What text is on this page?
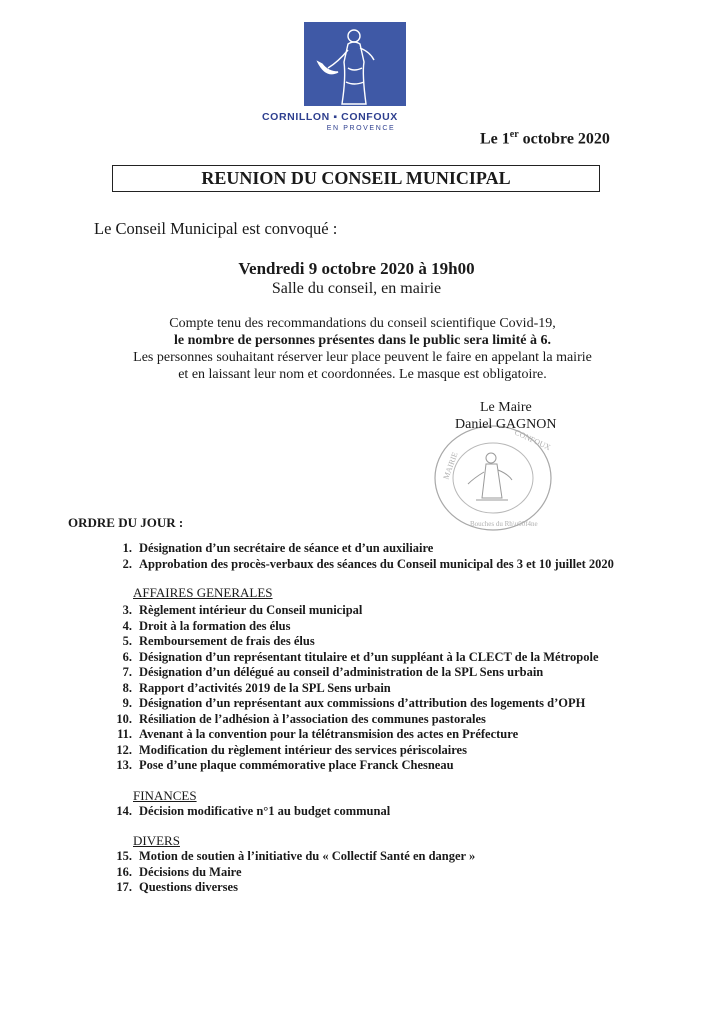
CORNILLON ▪ CONFOUX
EN PROVENCE
Le 1er octobre 2020
REUNION DU CONSEIL MUNICIPAL
Le Conseil Municipal est convoqué :
Vendredi 9 octobre 2020 à 19h00
Salle du conseil, en mairie
Compte tenu des recommandations du conseil scientifique Covid-19,
le nombre de personnes présentes dans le public sera limité à 6.
Les personnes souhaitant réserver leur place peuvent le faire en appelant la mairie
et en laissant leur nom et coordonnées. Le masque est obligatoire.
MAIRIE
CONFOUX
Bouches du Rh\u00f4ne
Le Maire
Daniel GAGNON
ORDRE DU JOUR :
1. Désignation d’un secrétaire de séance et d’un auxiliaire
2. Approbation des procès-verbaux des séances du Conseil municipal des 3 et 10 juillet 2020
AFFAIRES GENERALES
3. Règlement intérieur du Conseil municipal
4. Droit à la formation des élus
5. Remboursement de frais des élus
6. Désignation d’un représentant titulaire et d’un suppléant à la CLECT de la Métropole
7. Désignation d’un délégué au conseil d’administration de la SPL Sens urbain
8. Rapport d’activités 2019 de la SPL Sens urbain
9. Désignation d’un représentant aux commissions d’attribution des logements d’OPH
10. Résiliation de l’adhésion à l’association des communes pastorales
11. Avenant à la convention pour la télétransmision des actes en Préfecture
12. Modification du règlement intérieur des services périscolaires
13. Pose d’une plaque commémorative place Franck Chesneau
FINANCES
14. Décision modificative n°1 au budget communal
DIVERS
15. Motion de soutien à l’initiative du « Collectif Santé en danger »
16. Décisions du Maire
17. Questions diverses
